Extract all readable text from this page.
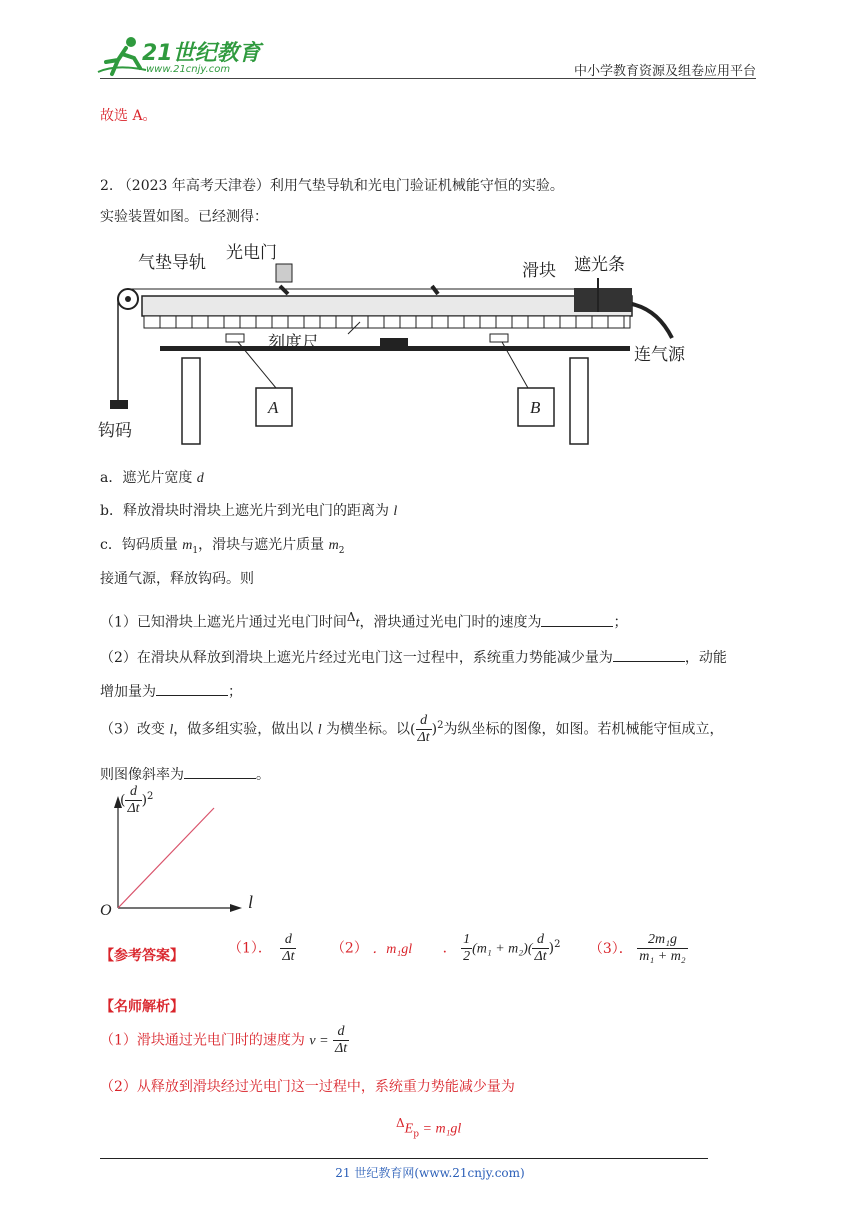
21世纪教育
www.21cnjy.com	中小学教育资源及组卷应用平台
故选 A。
2. （2023 年高考天津卷）利用气垫导轨和光电门验证机械能守恒的实验。
实验装置如图。已经测得：
气垫导轨 光电门
滑块 遮光条
刻度尺
连气源
钩码
A	B
a．遮光片宽度 d
b．释放滑块时滑块上遮光片到光电门的距离为 l
c．钩码质量 $m_1$，滑块与遮光片质量 $m_2$
接通气源，释放钩码。则
（1）已知滑块上遮光片通过光电门时间$^\Delta$t，滑块通过光电门时的速度为	；
（2）在滑块从释放到滑块上遮光片经过光电门这一过程中，系统重力势能减少量为	，动能
增加量为	；
（3）改变 l，做多组实验，做出以 l 为横坐标。以( $\frac{d}{\Delta t} )^2$为纵坐标的图像，如图。若机械能守恒成立，
则图像斜率为	。
( $\frac{d}{\Delta t} )^2$
l
O
【参考答案】	（1）． $\frac{d}{\Delta t} (2)$ ．m₁gl ． $\frac{1}{2} (m_1 + m_2)( \frac{d}{\Delta t} )^2$ （3）． $\frac{\text{2m₁g}}{\text{m₁ + m₂}}$
【名师解析】
（1）滑块通过光电门时的速度为 $v = \frac{d}{\Delta t}$
（2）从释放到滑块经过光电门这一过程中，系统重力势能减少量为
$^\Delta E_p = m_1gl$
21 世纪教育网(www.21cnjy.com)
